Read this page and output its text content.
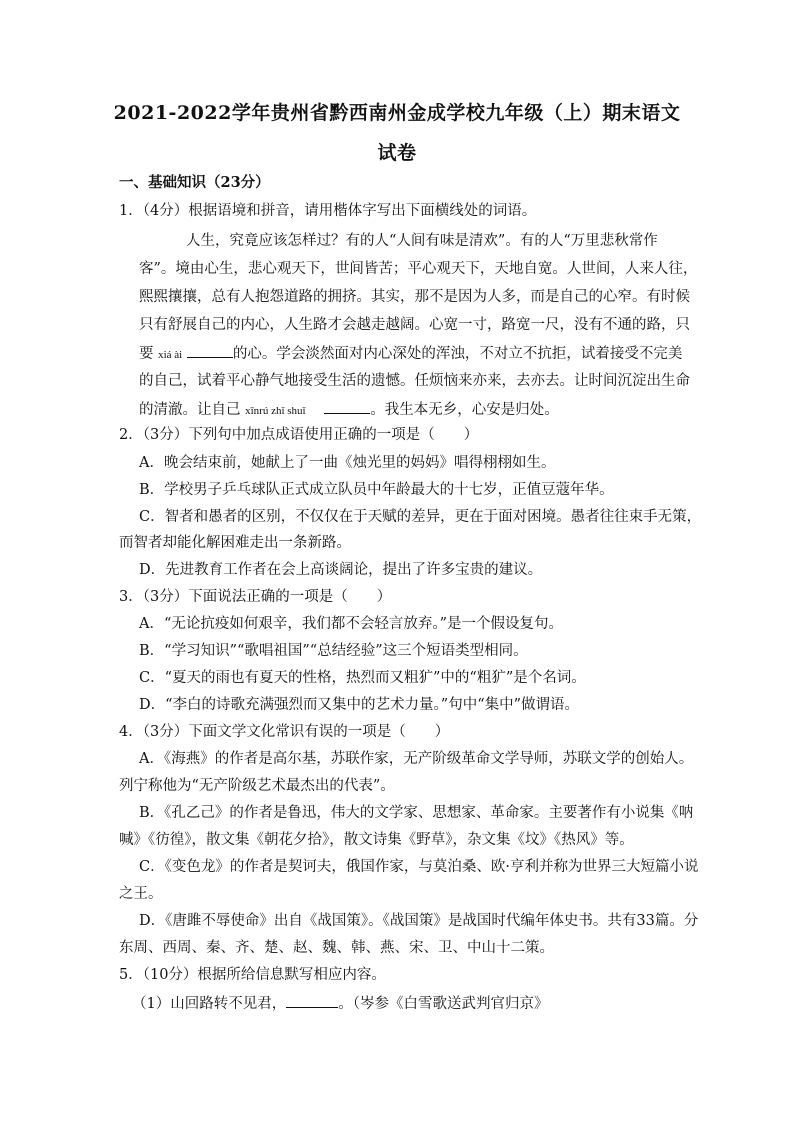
2021-2022学年贵州省黔西南州金成学校九年级（上）期末语文
试卷
一、基础知识（23分）
1．（4分）根据语境和拼音，请用楷体字写出下面横线处的词语。
人生，究竟应该怎样过？有的人“人间有味是清欢”。有的人“万里悲秋常作
客”。境由心生，悲心观天下，世间皆苦；平心观天下，天地自宽。人世间，人来人往，
熙熙攘攘，总有人抱怨道路的拥挤。其实，那不是因为人多，而是自己的心窄。有时候
只有舒展自己的内心，人生路才会越走越阔。心宽一寸，路宽一尺，没有不通的路，只
要 xiá ài	的心。学会淡然面对内心深处的浑浊，不对立不抗拒，试着接受不完美
的自己，试着平心静气地接受生活的遗憾。任烦恼来亦来，去亦去。让时间沉淀出生命
的清澈。让自己 xīnrú zhǐ shuǐ	。我生本无乡，心安是归处。
2．（3分）下列句中加点成语使用正确的一项是（　　）
A．晚会结束前，她献上了一曲《烛光里的妈妈》唱得栩栩如生。
B．学校男子乒乓球队正式成立队员中年龄最大的十七岁，正值豆蔻年华。
C．智者和愚者的区别，不仅仅在于天赋的差异，更在于面对困境。愚者往往束手无策，
而智者却能化解困难走出一条新路。
D．先进教育工作者在会上高谈阔论，提出了许多宝贵的建议。
3．（3分）下面说法正确的一项是（　　）
A．“无论抗疫如何艰辛，我们都不会轻言放弃。”是一个假设复句。
B．“学习知识”“歌唱祖国”“总结经验”这三个短语类型相同。
C．“夏天的雨也有夏天的性格，热烈而又粗犷”中的“粗犷”是个名词。
D．“李白的诗歌充满强烈而又集中的艺术力量。”句中“集中”做谓语。
4．（3分）下面文学文化常识有误的一项是（　　）
A．《海燕》的作者是高尔基，苏联作家，无产阶级革命文学导师，苏联文学的创始人。
列宁称他为“无产阶级艺术最杰出的代表”。
B．《孔乙己》的作者是鲁迅，伟大的文学家、思想家、革命家。主要著作有小说集《呐
喊》《彷徨》，散文集《朝花夕拾》，散文诗集《野草》，杂文集《坟》《热风》等。
C．《变色龙》的作者是契诃夫，俄国作家，与莫泊桑、欧·亨利并称为世界三大短篇小说
之王。
D．《唐雎不辱使命》出自《战国策》。《战国策》是战国时代编年体史书。共有33篇。分
东周、西周、秦、齐、楚、赵、魏、韩、燕、宋、卫、中山十二策。
5．（10分）根据所给信息默写相应内容。
（1）山回路转不见君，	。（岑参《白雪歌送武判官归京》
